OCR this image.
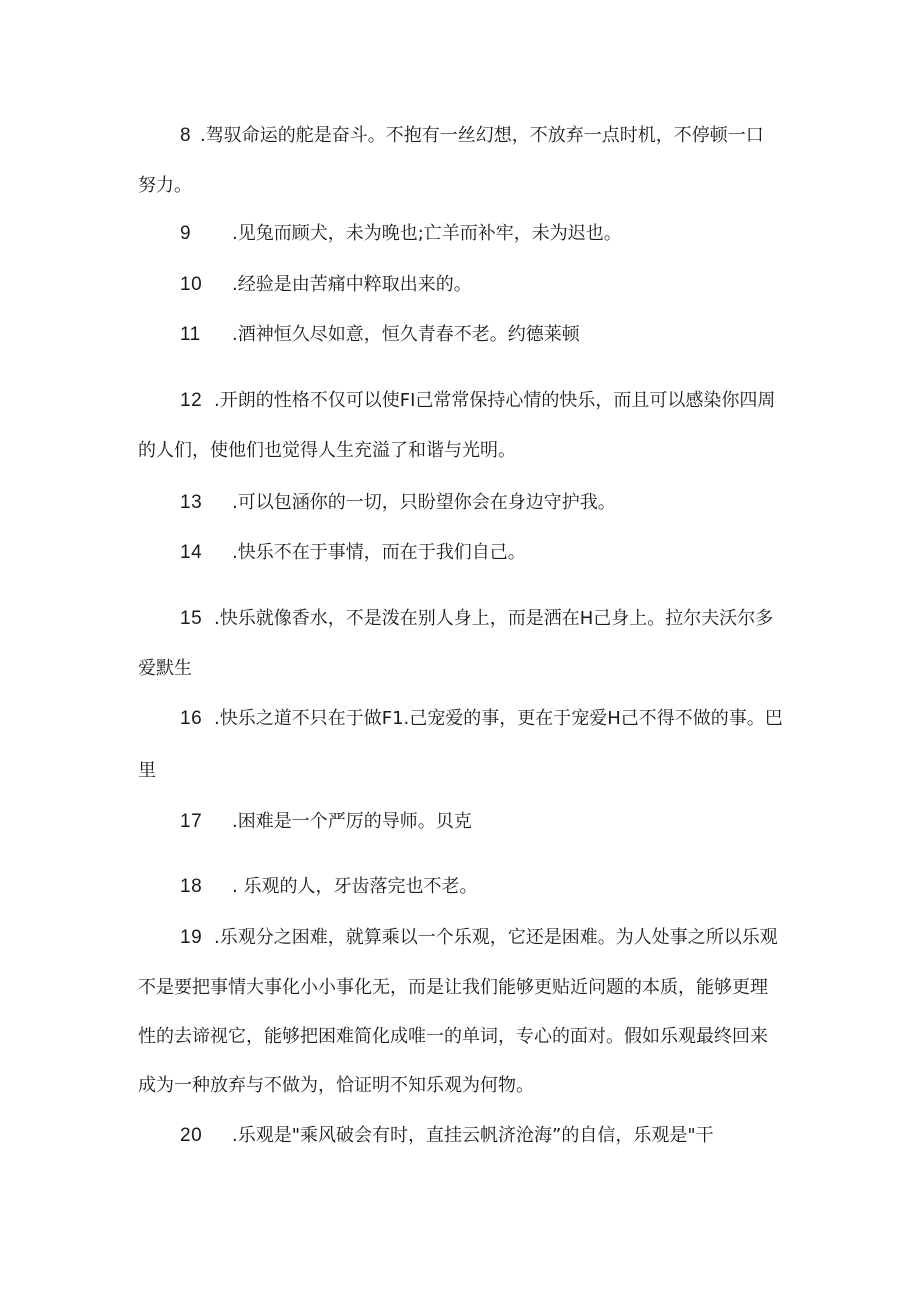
8 .驾驭命运的舵是奋斗。不抱有一丝幻想，不放弃一点时机，不停顿一口
努力。
9 .见兔而顾犬，未为晚也;亡羊而补牢，未为迟也。
10 .经验是由苦痛中粹取出来的。
11 .酒神恒久尽如意，恒久青春不老。约德莱顿
12 .开朗的性格不仅可以使FI己常常保持心情的快乐，而且可以感染你四周
的人们，使他们也觉得人生充溢了和谐与光明。
13 .可以包涵你的一切，只盼望你会在身边守护我。
14 .快乐不在于事情，而在于我们自己。
15 .快乐就像香水，不是泼在别人身上，而是洒在H己身上。拉尔夫沃尔多
爱默生
16 .快乐之道不只在于做F1.己宠爱的事，更在于宠爱H己不得不做的事。巴
里
17 .困难是一个严厉的导师。贝克
18 . 乐观的人，牙齿落完也不老。
19 .乐观分之困难，就算乘以一个乐观，它还是困难。为人处事之所以乐观
不是要把事情大事化小小事化无，而是让我们能够更贴近问题的本质，能够更理
性的去谛视它，能够把困难简化成唯一的单词，专心的面对。假如乐观最终回来
成为一种放弃与不做为，恰证明不知乐观为何物。
20 .乐观是"乘风破会有时，直挂云帆济沧海”的自信，乐观是"干
